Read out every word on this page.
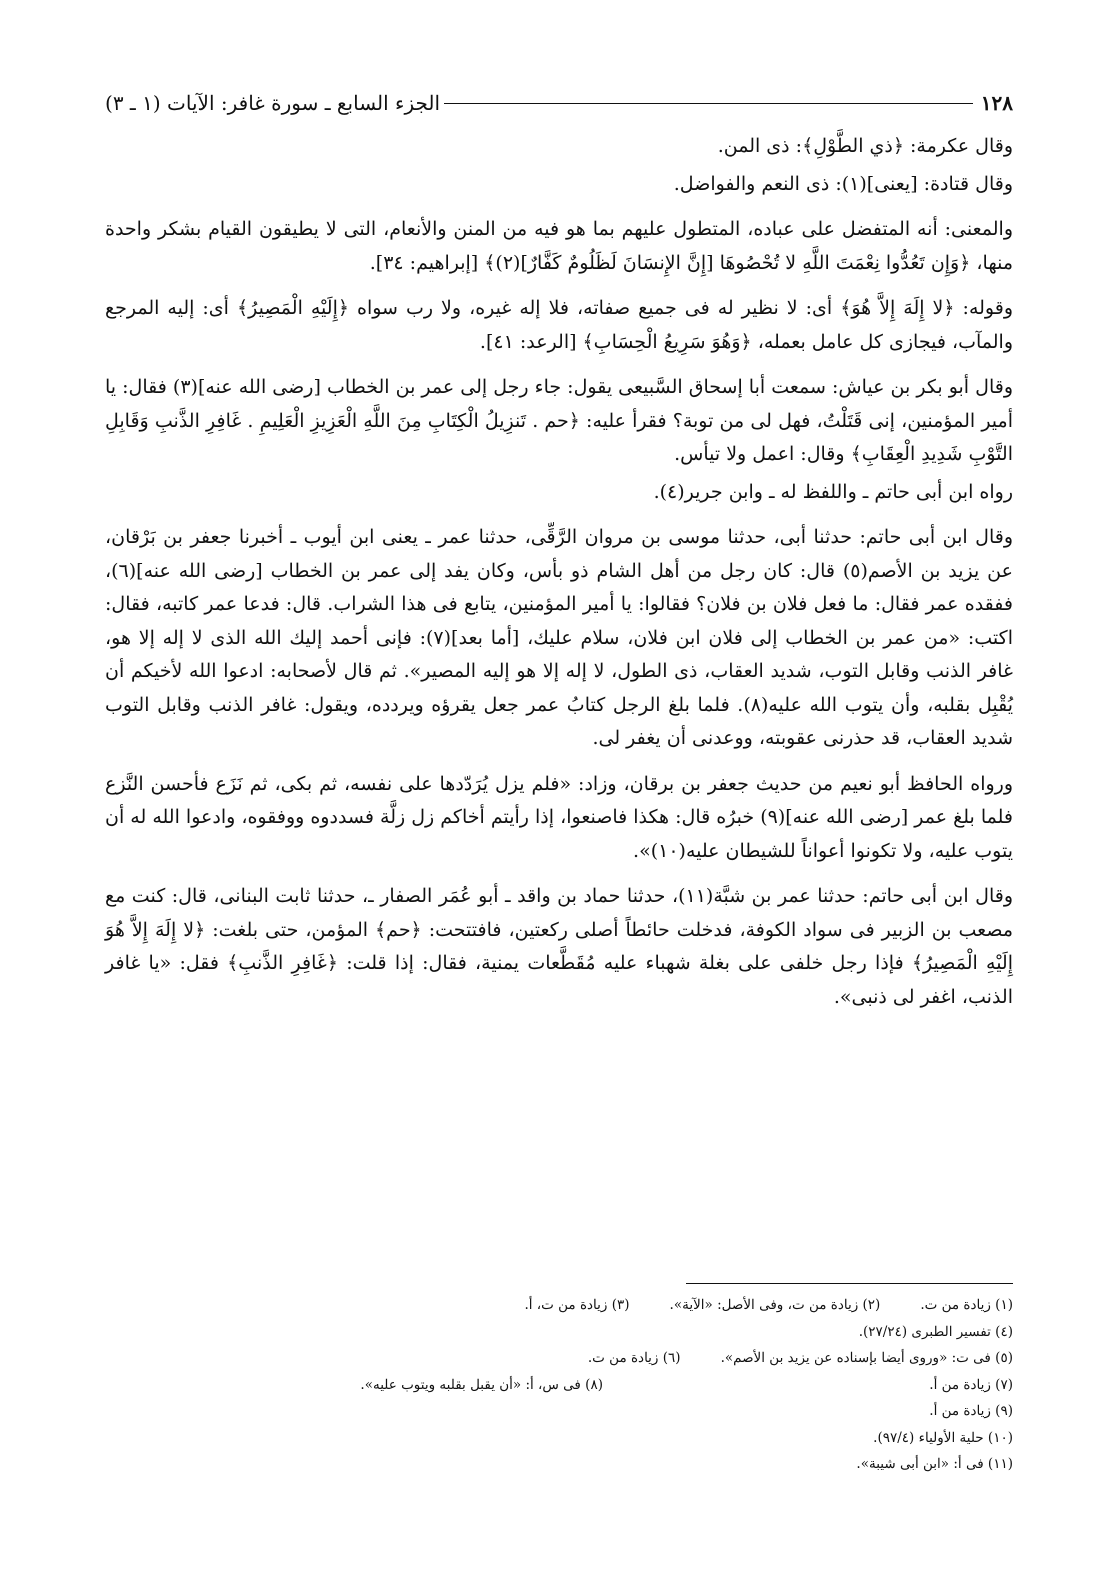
١٢٨
الجزء السابع ـ سورة غافر: الآيات (١ ـ ٣)

وقال عكرمة: ﴿ذي الطَّوْلِ﴾: ذى المن.

وقال قتادة: [يعنى](١): ذى النعم والفواضل.

والمعنى: أنه المتفضل على عباده، المتطول عليهم بما هو فيه من المنن والأنعام، التى لا يطيقون القيام بشكر واحدة منها، ﴿وَإِن تَعُدُّوا نِعْمَتَ اللَّهِ لا تُحْصُوهَا [إِنَّ الإِنسَانَ لَظَلُومٌ كَفَّارٌ](٢)﴾ [إبراهيم: ٣٤].

وقوله: ﴿لا إِلَهَ إِلاَّ هُوَ﴾ أى: لا نظير له فى جميع صفاته، فلا إله غيره، ولا رب سواه ﴿إِلَيْهِ الْمَصِيرُ﴾ أى: إليه المرجع والمآب، فيجازى كل عامل بعمله، ﴿وَهُوَ سَرِيعُ الْحِسَابِ﴾ [الرعد: ٤١].

وقال أبو بكر بن عياش: سمعت أبا إسحاق السَّبيعى يقول: جاء رجل إلى عمر بن الخطاب [رضى الله عنه](٣) فقال: يا أمير المؤمنين، إنى قَتَلْتُ، فهل لى من توبة؟ فقرأ عليه: ﴿حم . تَنزِيلُ الْكِتَابِ مِنَ اللَّهِ الْعَزِيزِ الْعَلِيمِ . غَافِرِ الذَّنبِ وَقَابِلِ التَّوْبِ شَدِيدِ الْعِقَابِ﴾ وقال: اعمل ولا تيأس.

رواه ابن أبى حاتم ـ واللفظ له ـ وابن جرير(٤).

وقال ابن أبى حاتم: حدثنا أبى، حدثنا موسى بن مروان الرَّقِّى، حدثنا عمر ـ يعنى ابن أيوب ـ أخبرنا جعفر بن بَرْقان، عن يزيد بن الأصم(٥) قال: كان رجل من أهل الشام ذو بأس، وكان يفد إلى عمر بن الخطاب [رضى الله عنه](٦)، ففقده عمر فقال: ما فعل فلان بن فلان؟ فقالوا: يا أمير المؤمنين، يتابع فى هذا الشراب. قال: فدعا عمر كاتبه، فقال: اكتب: «من عمر بن الخطاب إلى فلان ابن فلان، سلام عليك، [أما بعد](٧): فإنى أحمد إليك الله الذى لا إله إلا هو، غافر الذنب وقابل التوب، شديد العقاب، ذى الطول، لا إله إلا هو إليه المصير». ثم قال لأصحابه: ادعوا الله لأخيكم أن يُقْبِل بقلبه، وأن يتوب الله عليه(٨). فلما بلغ الرجل كتابُ عمر جعل يقرؤه ويردده، ويقول: غافر الذنب وقابل التوب شديد العقاب، قد حذرنى عقوبته، ووعدنى أن يغفر لى.

ورواه الحافظ أبو نعيم من حديث جعفر بن برقان، وزاد: «فلم يزل يُرَدّدها على نفسه، ثم بكى، ثم نَزَع فأحسن النَّزع فلما بلغ عمر [رضى الله عنه](٩) خبرُه قال: هكذا فاصنعوا، إذا رأيتم أخاكم زل زلَّة فسددوه ووفقوه، وادعوا الله له أن يتوب عليه، ولا تكونوا أعواناً للشيطان عليه(١٠)».

وقال ابن أبى حاتم: حدثنا عمر بن شبَّة(١١)، حدثنا حماد بن واقد ـ أبو عُمَر الصفار ـ، حدثنا ثابت البنانى، قال: كنت مع مصعب بن الزبير فى سواد الكوفة، فدخلت حائطاً أصلى ركعتين، فافتتحت: ﴿حم﴾ المؤمن، حتى بلغت: ﴿لا إِلَهَ إِلاَّ هُوَ إِلَيْهِ الْمَصِيرُ﴾ فإذا رجل خلفى على بغلة شهباء عليه مُقَطَّعات يمنية، فقال: إذا قلت: ﴿غَافِرِ الذَّنبِ﴾ فقل: «يا غافر الذنب، اغفر لى ذنبى».

(١) زيادة من ت.
(٢) زيادة من ت، وفى الأصل: «الآية».
(٣) زيادة من ت، أ.
(٤) تفسير الطبرى (٢٧/٢٤).
(٥) فى ت: «وروى أيضا بإسناده عن يزيد بن الأصم».
(٦) زيادة من ت.
(٧) زيادة من أ.
(٨) فى س، أ: «أن يقبل بقلبه ويتوب عليه».
(٩) زيادة من أ.
(١٠) حلية الأولياء (٩٧/٤).
(١١) فى أ: «ابن أبى شيبة».
